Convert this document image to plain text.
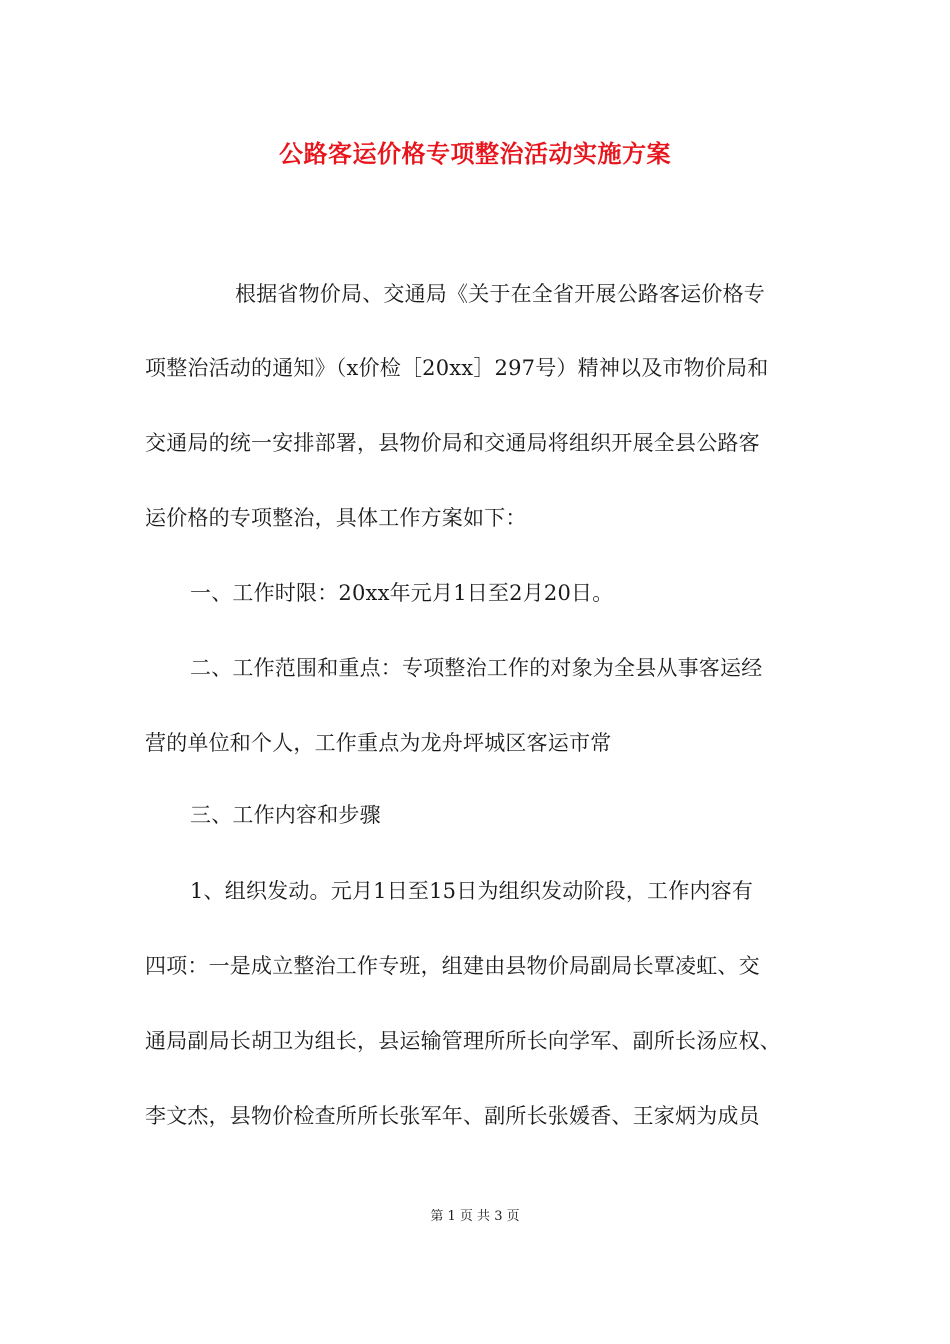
公路客运价格专项整治活动实施方案
根据省物价局、交通局《关于在全省开展公路客运价格专
项整治活动的通知》（x价检［20xx］297号）精神以及市物价局和
交通局的统一安排部署，县物价局和交通局将组织开展全县公路客
运价格的专项整治，具体工作方案如下：
一、工作时限：20xx年元月1日至2月20日。
二、工作范围和重点：专项整治工作的对象为全县从事客运经
营的单位和个人，工作重点为龙舟坪城区客运市常
三、工作内容和步骤
1、组织发动。元月1日至15日为组织发动阶段，工作内容有
四项：一是成立整治工作专班，组建由县物价局副局长覃凌虹、交
通局副局长胡卫为组长，县运输管理所所长向学军、副所长汤应权、
李文杰，县物价检查所所长张军年、副所长张媛香、王家炳为成员
第 1 页 共 3 页
